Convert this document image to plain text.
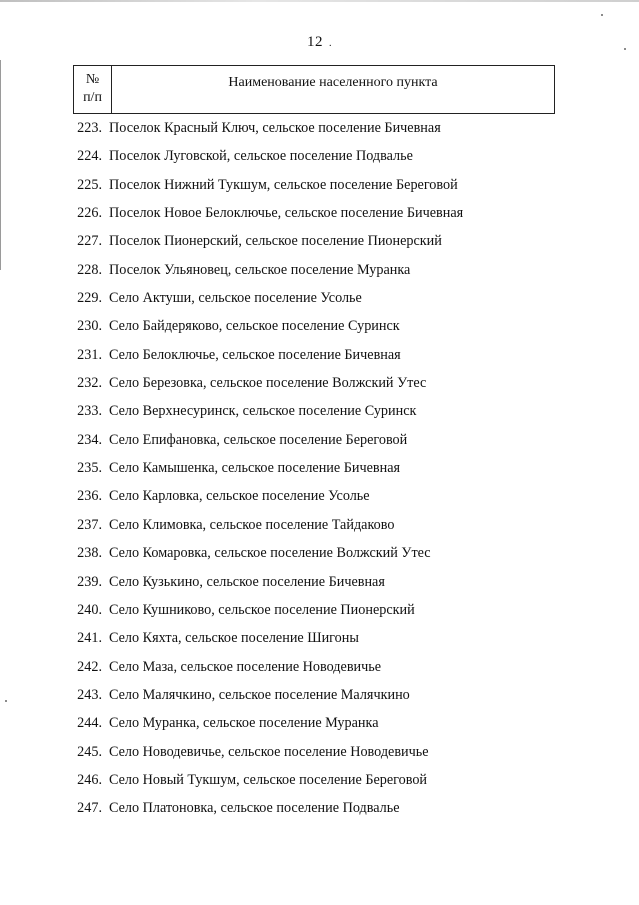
12 .
№
п/п
	Наименование населенного пункта
223. Поселок Красный Ключ, сельское поселение Бичевная
224. Поселок Луговской, сельское поселение Подвалье
225. Поселок Нижний Тукшум, сельское поселение Береговой
226. Поселок Новое Белоключье, сельское поселение Бичевная
227. Поселок Пионерский, сельское поселение Пионерский
228. Поселок Ульяновец, сельское поселение Муранка
229. Село Актуши, сельское поселение Усолье
230. Село Байдеряково, сельское поселение Суринск
231. Село Белоключье, сельское поселение Бичевная
232. Село Березовка, сельское поселение Волжский Утес
233. Село Верхнесуринск, сельское поселение Суринск
234. Село Епифановка, сельское поселение Береговой
235. Село Камышенка, сельское поселение Бичевная
236. Село Карловка, сельское поселение Усолье
237. Село Климовка, сельское поселение Тайдаково
238. Село Комаровка, сельское поселение Волжский Утес
239. Село Кузькино, сельское поселение Бичевная
240. Село Кушниково, сельское поселение Пионерский
241. Село Кяхта, сельское поселение Шигоны
242. Село Маза, сельское поселение Новодевичье
243. Село Малячкино, сельское поселение Малячкино
244. Село Муранка, сельское поселение Муранка
245. Село Новодевичье, сельское поселение Новодевичье
246. Село Новый Тукшум, сельское поселение Береговой
247. Село Платоновка, сельское поселение Подвалье
